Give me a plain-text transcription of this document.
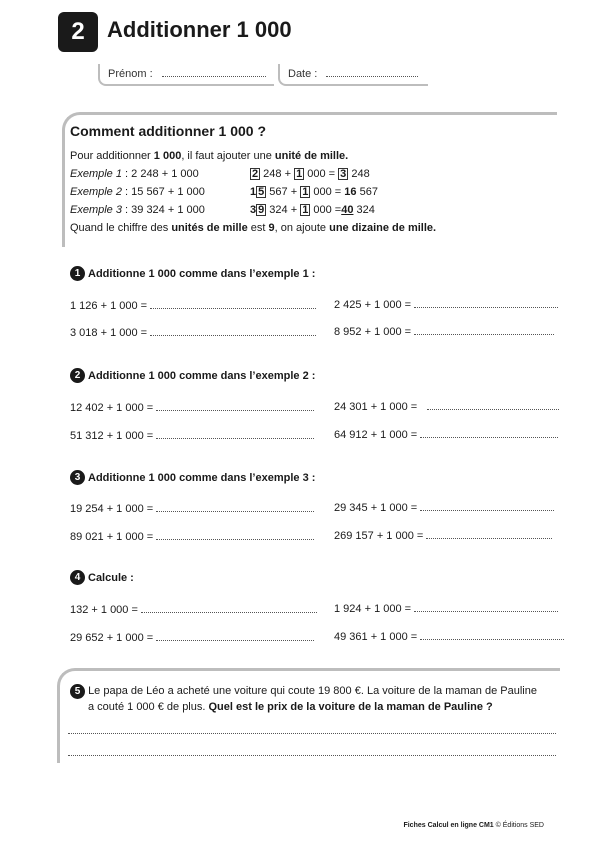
2	Additionner 1 000
Prénom :	Date :
Comment additionner 1 000 ?
Pour additionner 1 000, il faut ajouter une unité de mille.
Exemple 1 : 2 248 + 1 000	2 248 + 1 000 = 3 248
Exemple 2 : 15 567 + 1 000	1 5 567 + 1 000 = 16 567
Exemple 3 : 39 324 + 1 000	3 9 324 + 1 000 =40 324
Quand le chiffre des unités de mille est 9, on ajoute une dizaine de mille.
1 Additionne 1 000 comme dans l’exemple 1 :
1 126 + 1 000 =	2 425 + 1 000 =
3 018 + 1 000 =	8 952 + 1 000 =
2 Additionne 1 000 comme dans l’exemple 2 :
12 402 + 1 000 =	24 301 + 1 000 =
51 312 + 1 000 =	64 912 + 1 000 =
3 Additionne 1 000 comme dans l’exemple 3 :
19 254 + 1 000 =	29 345 + 1 000 =
89 021 + 1 000 =	269 157 + 1 000 =
4 Calcule :
132 + 1 000 =	1 924 + 1 000 =
29 652 + 1 000 =	49 361 + 1 000 =
5 Le papa de Léo a acheté une voiture qui coute 19 800 €. La voiture de la maman de Pauline
a couté 1 000 € de plus. Quel est le prix de la voiture de la maman de Pauline ?
Fiches Calcul en ligne CM1 © Éditions SED
